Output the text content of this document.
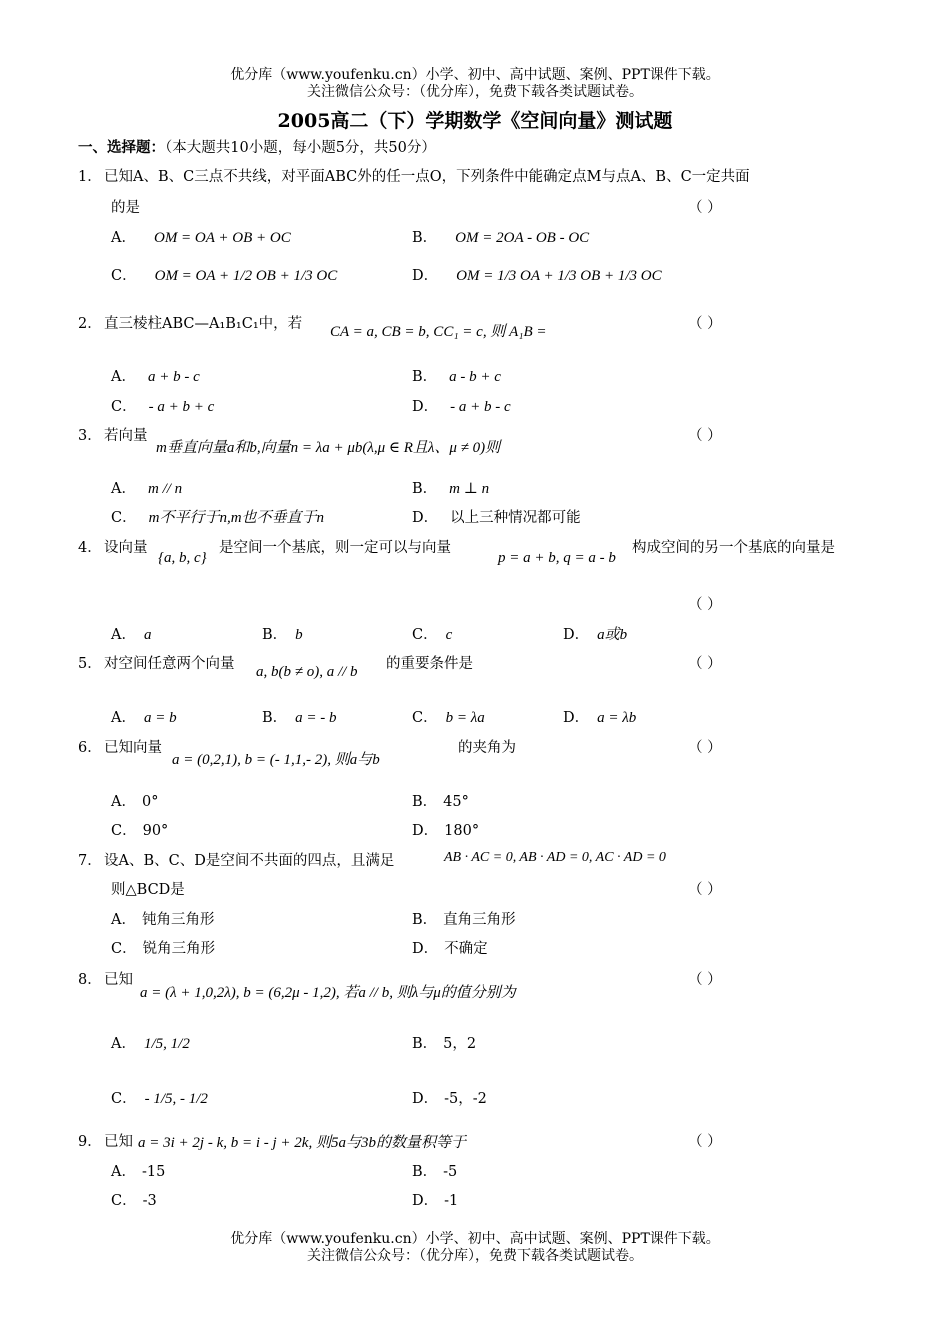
优分库（www.youfenku.cn）小学、初中、高中试题、案例、PPT课件下载。
关注微信公众号：（优分库），免费下载各类试题试卷。
2005高二（下）学期数学《空间向量》测试题
一、选择题：（本大题共10小题，每小题5分，共50分）
1． 已知A、B、C三点不共线，对平面ABC外的任一点O，下列条件中能确定点M与点A、B、C一定共面
的是	（ ）
A． OM = OA + OB + OC	B． OM = 2OA - OB - OC
C． OM = OA + 1/2 OB + 1/3 OC	D． OM = 1/3 OA + 1/3 OB + 1/3 OC
2． 直三棱柱ABC—A₁B₁C₁中，若 CA = a, CB = b, CC₁ = c, 则 A₁B =	（ ）
A． a + b - c	B． a - b + c
C． - a + b + c	D． - a + b - c
3． 若向量
m垂直向量a和b,向量n = λa + μb(λ,μ ∈ R且λ、μ ≠ 0)则
（ ）
A． m // n	B． m ⊥ n
C． m不平行于n,m也不垂直于n	D． 以上三种情况都可能
4． 设向量
{a, b, c}
是空间一个基底，则一定可以与向量
p = a + b, q = a - b
构成空间的另一个基底的向量是
（ ）
A． a	B． b	C． c	D． a或b
5． 对空间任意两个向量 a, b(b ≠ o), a // b 的重要条件是	（ ）
A． a = b	B． a = - b	C． b = λa	D． a = λb
6． 已知向量
a = (0,2,1), b = (- 1,1,- 2), 则a与b
的夹角为	（ ）
A． 0°	B． 45°
C． 90°	D． 180°
7． 设A、B、C、D是空间不共面的四点，且满足	AB · AC = 0, AB · AD = 0, AC · AD = 0
则△BCD是	（ ）
A． 钝角三角形	B． 直角三角形
C． 锐角三角形	D． 不确定
8． 已知
a = (λ + 1,0,2λ), b = (6,2μ - 1,2), 若a // b, 则λ与μ的值分别为
（ ）
A． 1/5, 1/2	B． 5，2
C． - 1/5, - 1/2	D． -5，-2
9． 已知 a = 3i + 2j - k, b = i - j + 2k, 则5a与3b的数量积等于	（ ）
A． -15	B． -5
C． -3	D． -1
优分库（www.youfenku.cn）小学、初中、高中试题、案例、PPT课件下载。
关注微信公众号：（优分库），免费下载各类试题试卷。
